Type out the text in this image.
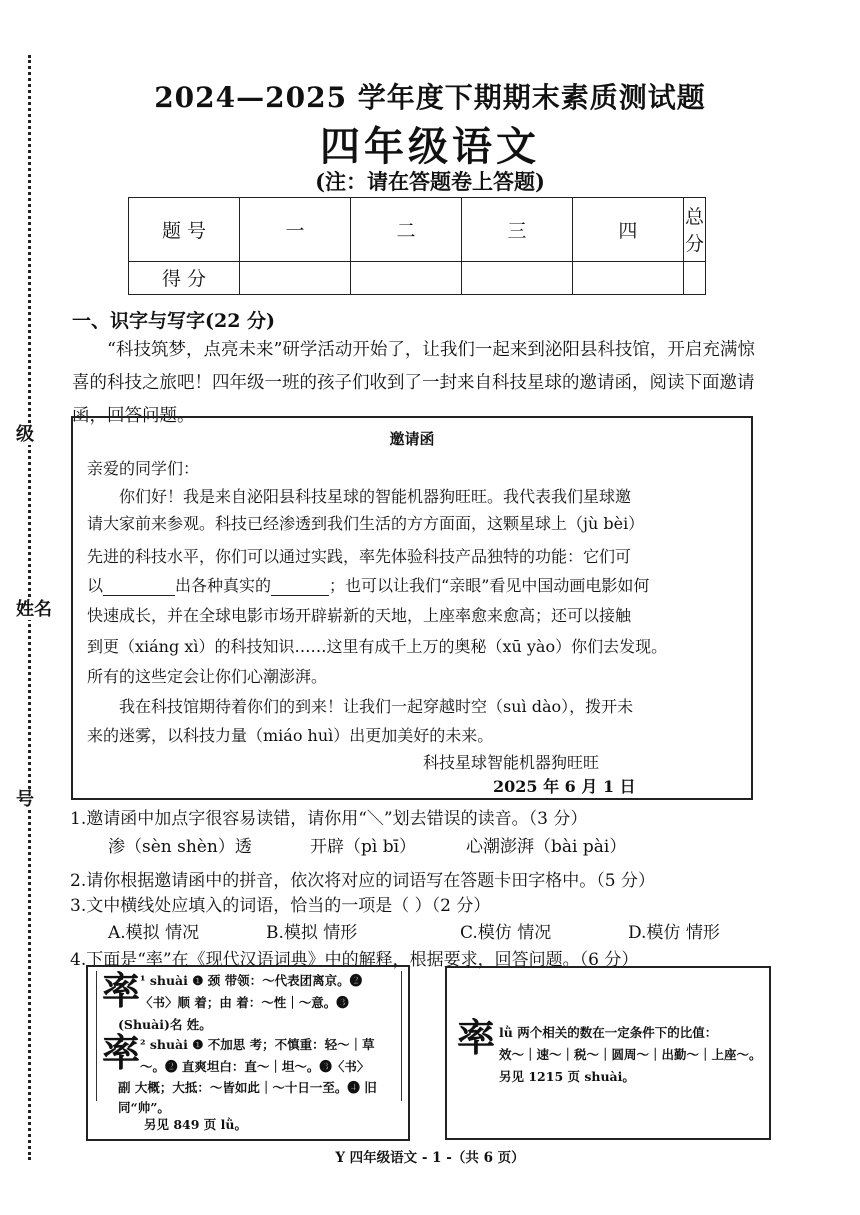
级
姓名
号
2024—2025 学年度下期期末素质测试题
四年级语文
(注：请在答题卷上答题)
题 号	一	二	三	四	总 分
得 分					
一、识字与写字(22 分)
“科技筑梦，点亮未来”研学活动开始了，让我们一起来到泌阳县科技馆，开启充满惊喜的科技之旅吧！四年级一班的孩子们收到了一封来自科技星球的邀请函，阅读下面邀请函，回答问题。
邀请函
亲爱的同学们：
你们好！我是来自泌阳县科技星球的智能机器狗旺旺。我代表我们星球邀
请大家前来参观。科技已经渗透到我们生活的方方面面，这颗星球上（jù bèi）
先进的科技水平，你们可以通过实践，率先体验科技产品独特的功能：它们可
以	出各种真实的	；也可以让我们“亲眼”看见中国动画电影如何
快速成长，并在全球电影市场开辟崭新的天地，上座率愈来愈高；还可以接触
到更（xiáng xì）的科技知识……这里有成千上万的奥秘（xū yào）你们去发现。
所有的这些定会让你们心潮澎湃。
我在科技馆期待着你们的到来！让我们一起穿越时空（suì dào），拨开未
来的迷雾，以科技力量（miáo huì）出更加美好的未来。
科技星球智能机器狗旺旺
2025 年 6 月 1 日
1.邀请函中加点字很容易读错，请你用“＼”划去错误的读音。（3 分）
渗（sèn shèn）透	开辟（pì bī）	心潮澎湃（bài pài）
2.请你根据邀请函中的拼音，依次将对应的词语写在答题卡田字格中。（5 分）
3.文中横线处应填入的词语，恰当的一项是（ ）（2 分）
A.模拟 情况	B.模拟 情形	C.模仿 情况	D.模仿 情形
4.下面是“率”在《现代汉语词典》中的解释，根据要求，回答问题。（6 分）
率 ¹ shuài ❶ 颈 带领：～代表团离京。❷
〈书〉顺 着；由 着：～性｜～意。❸
(Shuài)名 姓。
率 ² shuài ❶ 不加思 考；不慎重：轻～｜草
～。❷ 直爽坦白：直～｜坦～。❸〈书〉
副 大概；大抵：～皆如此｜～十日一至。❹ 旧
同“帅”。
另见 849 页 lǜ。
率 lǜ 两个相关的数在一定条件下的比值：
效～｜速～｜税～｜圆周～｜出勤～｜上座～。
另见 1215 页 shuài。
Y 四年级语文 - 1 -（共 6 页）
